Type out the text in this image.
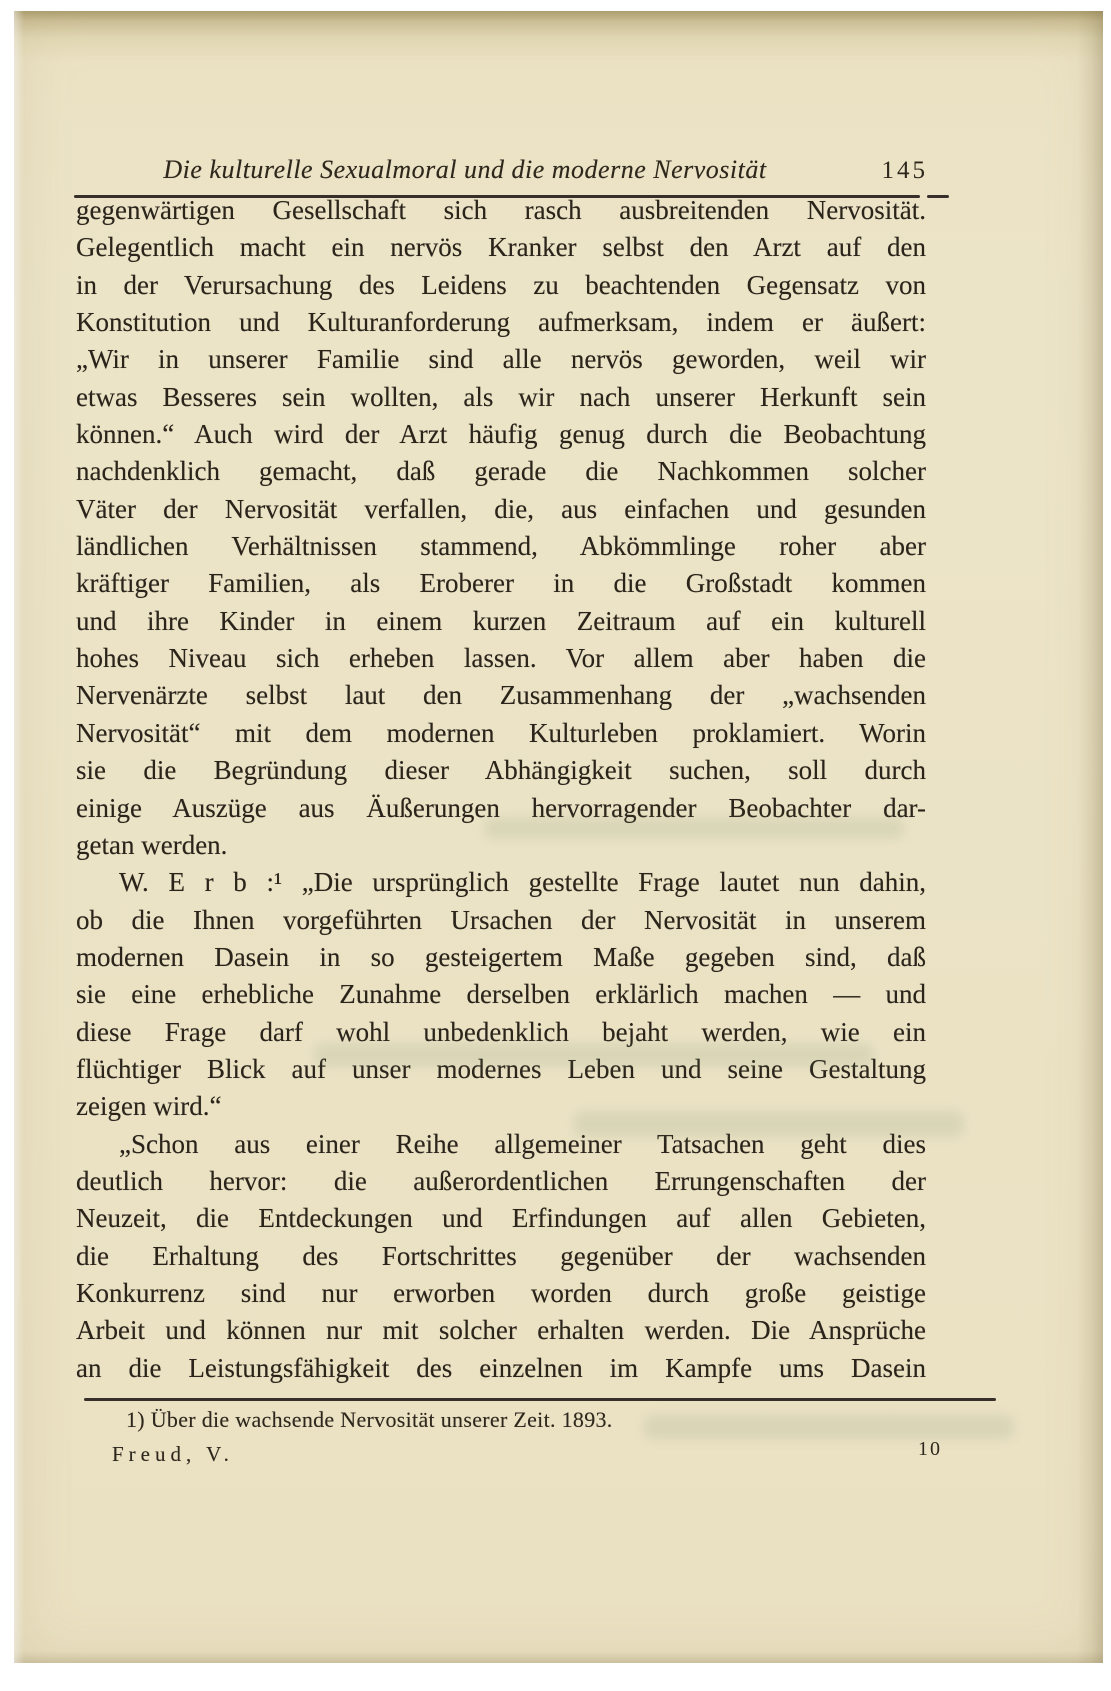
Die kulturelle Sexualmoral und die moderne Nervosität	145
gegenwärtigen Gesellschaft sich rasch ausbreitenden Nervosität.
Gelegentlich macht ein nervös Kranker selbst den Arzt auf den
in der Verursachung des Leidens zu beachtenden Gegensatz von
Konstitution und Kulturanforderung aufmerksam, indem er äußert:
„Wir in unserer Familie sind alle nervös geworden, weil wir
etwas Besseres sein wollten, als wir nach unserer Herkunft sein
können.“ Auch wird der Arzt häufig genug durch die Beobachtung
nachdenklich gemacht, daß gerade die Nachkommen solcher
Väter der Nervosität verfallen, die, aus einfachen und gesunden
ländlichen Verhältnissen stammend, Abkömmlinge roher aber
kräftiger Familien, als Eroberer in die Großstadt kommen
und ihre Kinder in einem kurzen Zeitraum auf ein kulturell
hohes Niveau sich erheben lassen. Vor allem aber haben die
Nervenärzte selbst laut den Zusammenhang der „wachsenden
Nervosität“ mit dem modernen Kulturleben proklamiert. Worin
sie die Begründung dieser Abhängigkeit suchen, soll durch
einige Auszüge aus Äußerungen hervorragender Beobachter dar-
getan werden.
W. E r b :¹ „Die ursprünglich gestellte Frage lautet nun dahin,
ob die Ihnen vorgeführten Ursachen der Nervosität in unserem
modernen Dasein in so gesteigertem Maße gegeben sind, daß
sie eine erhebliche Zunahme derselben erklärlich machen — und
diese Frage darf wohl unbedenklich bejaht werden, wie ein
flüchtiger Blick auf unser modernes Leben und seine Gestaltung
zeigen wird.“
„Schon aus einer Reihe allgemeiner Tatsachen geht dies
deutlich hervor: die außerordentlichen Errungenschaften der
Neuzeit, die Entdeckungen und Erfindungen auf allen Gebieten,
die Erhaltung des Fortschrittes gegenüber der wachsenden
Konkurrenz sind nur erworben worden durch große geistige
Arbeit und können nur mit solcher erhalten werden. Die Ansprüche
an die Leistungsfähigkeit des einzelnen im Kampfe ums Dasein
1) Über die wachsende Nervosität unserer Zeit. 1893.
Freud, V.	10
